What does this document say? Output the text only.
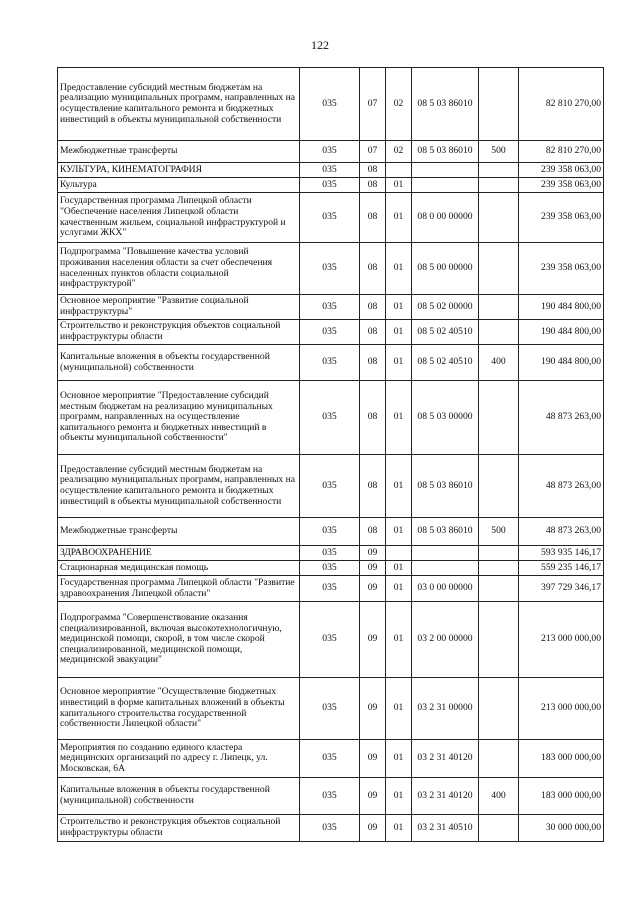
122
Предоставление субсидий местным бюджетам на реализацию муниципальных программ, направленных на осуществление капитального ремонта и бюджетных инвестиций в объекты муниципальной собственности	035	07	02	08 5 03 86010		82 810 270,00
Межбюджетные трансферты	035	07	02	08 5 03 86010	500	82 810 270,00
КУЛЬТУРА, КИНЕМАТОГРАФИЯ	035	08				239 358 063,00
Культура	035	08	01			239 358 063,00
Государственная программа Липецкой области "Обеспечение населения Липецкой области качественным жильем, социальной инфраструктурой и услугами ЖКХ"	035	08	01	08 0 00 00000		239 358 063,00
Подпрограмма "Повышение качества условий проживания населения области за счет обеспечения населенных пунктов области социальной инфраструктурой"	035	08	01	08 5 00 00000		239 358 063,00
Основное мероприятие "Развитие социальной инфраструктуры"	035	08	01	08 5 02 00000		190 484 800,00
Строительство и реконструкция объектов социальной инфраструктуры области	035	08	01	08 5 02 40510		190 484 800,00
Капитальные вложения в объекты государственной (муниципальной) собственности	035	08	01	08 5 02 40510	400	190 484 800,00
Основное мероприятие "Предоставление субсидий местным бюджетам на реализацию муниципальных программ, направленных на осуществление капитального ремонта и бюджетных инвестиций в объекты муниципальной собственности"	035	08	01	08 5 03 00000		48 873 263,00
Предоставление субсидий местным бюджетам на реализацию муниципальных программ, направленных на осуществление капитального ремонта и бюджетных инвестиций в объекты муниципальной собственности	035	08	01	08 5 03 86010		48 873 263,00
Межбюджетные трансферты	035	08	01	08 5 03 86010	500	48 873 263,00
ЗДРАВООХРАНЕНИЕ	035	09				593 935 146,17
Стационарная медицинская помощь	035	09	01			559 235 146,17
Государственная программа Липецкой области "Развитие здравоохранения Липецкой области"	035	09	01	03 0 00 00000		397 729 346,17
Подпрограмма "Совершенствование оказания специализированной, включая высокотехнологичную, медицинской помощи, скорой, в том числе скорой специализированной, медицинской помощи, медицинской эвакуации"	035	09	01	03 2 00 00000		213 000 000,00
Основное мероприятие "Осуществление бюджетных инвестиций в форме капитальных вложений в объекты капитального строительства государственной собственности Липецкой области"	035	09	01	03 2 31 00000		213 000 000,00
Мероприятия по созданию единого кластера медицинских организаций по адресу г. Липецк, ул. Московская, 6А	035	09	01	03 2 31 40120		183 000 000,00
Капитальные вложения в объекты государственной (муниципальной) собственности	035	09	01	03 2 31 40120	400	183 000 000,00
Строительство и реконструкция объектов социальной инфраструктуры области	035	09	01	03 2 31 40510		30 000 000,00
